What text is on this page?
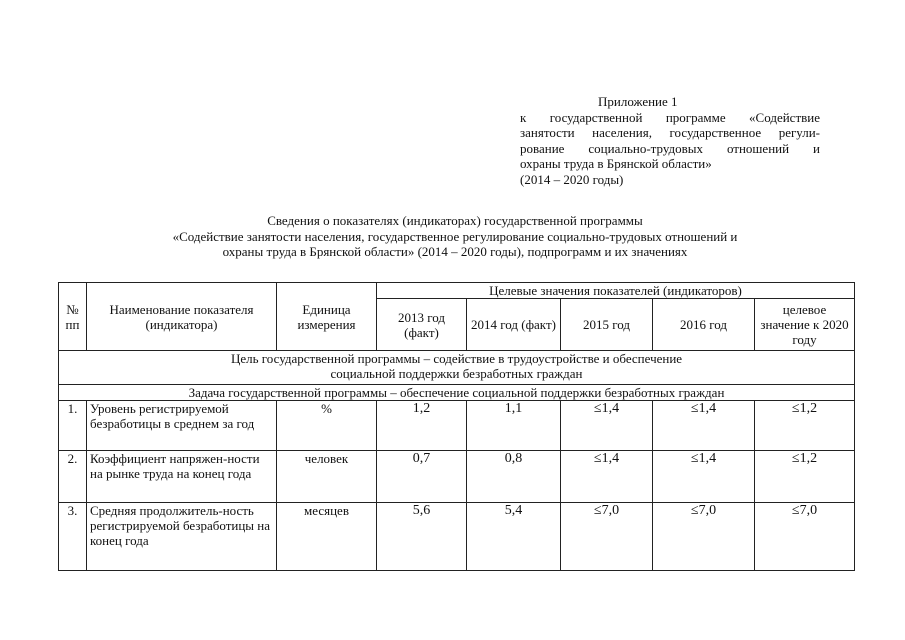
Приложение 1
к государственной программе «Содействие
занятости населения, государственное регули-
рование социально-трудовых отношений и
охраны труда в Брянской области»
(2014 – 2020 годы)
Сведения о показателях (индикаторах) государственной программы
«Содействие занятости населения, государственное регулирование социально-трудовых отношений и
охраны труда в Брянской области» (2014 – 2020 годы), подпрограмм и их значениях
№
пп	Наименование показателя (индикатора)	Единица измерения	Целевые значения показателей (индикаторов)				
			2013 год (факт)	2014 год (факт)	2015 год	2016 год	целевое значение к 2020 году

Цель государственной программы – содействие в трудоустройстве и обеспечение
социальной поддержки безработных граждан							

Задача государственной программы – обеспечение социальной поддержки безработных граждан							
1.	Уровень регистрируемой безработицы в среднем за год	%	1,2	1,1	≤1,4	≤1,4	≤1,2
2.	Коэффициент напряжен-ности на рынке труда на конец года	человек	0,7	0,8	≤1,4	≤1,4	≤1,2
3.	Средняя продолжитель-ность регистрируемой безработицы на конец года	месяцев	5,6	5,4	≤7,0	≤7,0	≤7,0
